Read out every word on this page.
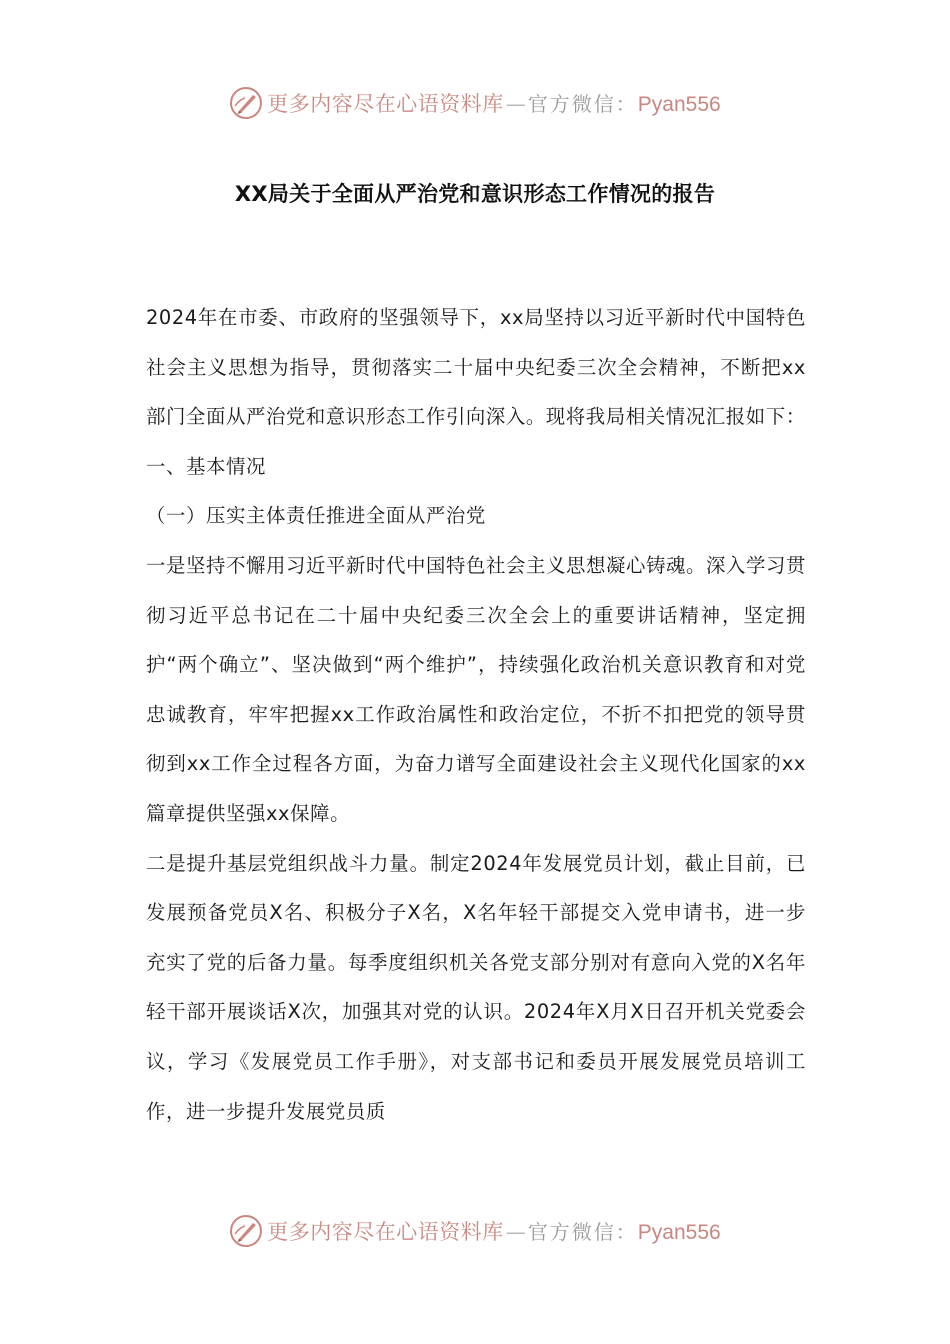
更多内容尽在心语资料库 — 官方微信： Pyan556
XX局关于全面从严治党和意识形态工作情况的报告

2024年在市委、市政府的坚强领导下，xx局坚持以习近平新时代中国特色社会主义思想为指导，贯彻落实二十届中央纪委三次全会精神，不断把xx部门全面从严治党和意识形态工作引向深入。现将我局相关情况汇报如下：

一、基本情况

（一）压实主体责任推进全面从严治党

一是坚持不懈用习近平新时代中国特色社会主义思想凝心铸魂。深入学习贯彻习近平总书记在二十届中央纪委三次全会上的重要讲话精神，坚定拥护“两个确立”、坚决做到“两个维护”，持续强化政治机关意识教育和对党忠诚教育，牢牢把握xx工作政治属性和政治定位，不折不扣把党的领导贯彻到xx工作全过程各方面，为奋力谱写全面建设社会主义现代化国家的xx篇章提供坚强xx保障。

二是提升基层党组织战斗力量。制定2024年发展党员计划，截止目前，已发展预备党员X名、积极分子X名，X名年轻干部提交入党申请书，进一步充实了党的后备力量。每季度组织机关各党支部分别对有意向入党的X名年轻干部开展谈话X次，加强其对党的认识。2024年X月X日召开机关党委会议，学习《发展党员工作手册》，对支部书记和委员开展发展党员培训工作，进一步提升发展党员质

更多内容尽在心语资料库 — 官方微信： Pyan556
